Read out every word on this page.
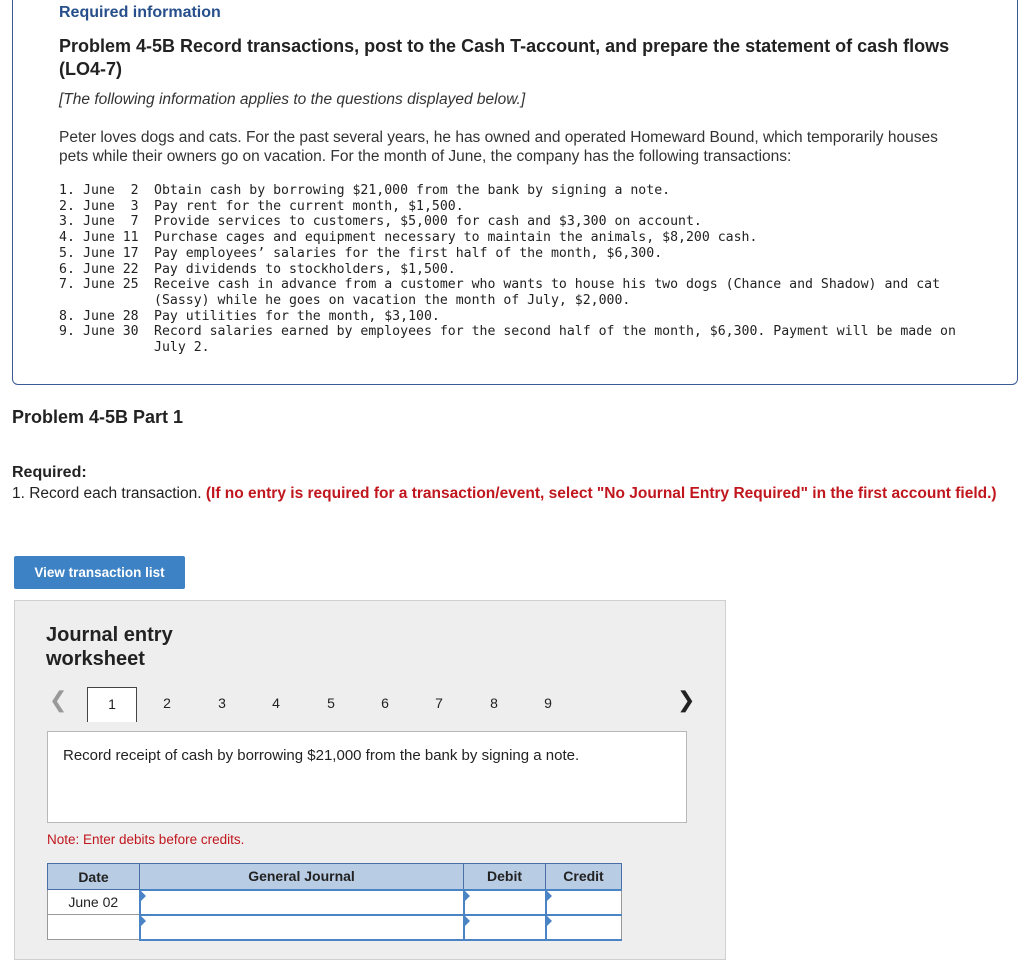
Required information
Problem 4-5B Record transactions, post to the Cash T-account, and prepare the statement of cash flows (LO4-7)
[The following information applies to the questions displayed below.]
Peter loves dogs and cats. For the past several years, he has owned and operated Homeward Bound, which temporarily houses pets while their owners go on vacation. For the month of June, the company has the following transactions:
1. June  2	Obtain cash by borrowing $21,000 from the bank by signing a note.
2. June  3	Pay rent for the current month, $1,500.
3. June  7	Provide services to customers, $5,000 for cash and $3,300 on account.
4. June 11	Purchase cages and equipment necessary to maintain the animals, $8,200 cash.
5. June 17	Pay employees’ salaries for the first half of the month, $6,300.
6. June 22	Pay dividends to stockholders, $1,500.
7. June 25	Receive cash in advance from a customer who wants to house his two dogs (Chance and Shadow) and cat (Sassy) while he goes on vacation the month of July, $2,000.
8. June 28	Pay utilities for the month, $3,100.
9. June 30	Record salaries earned by employees for the second half of the month, $6,300. Payment will be made on July 2.
Problem 4-5B Part 1
Required:
1. Record each transaction. (If no entry is required for a transaction/event, select "No Journal Entry Required" in the first account field.)
View transaction list
Journal entry
worksheet
❮	1	2	3	4	5	6	7	8	9	❯
Record receipt of cash by borrowing $21,000 from the bank by signing a note.
Note: Enter debits before credits.
Date	General Journal	Debit	Credit
June 02	
